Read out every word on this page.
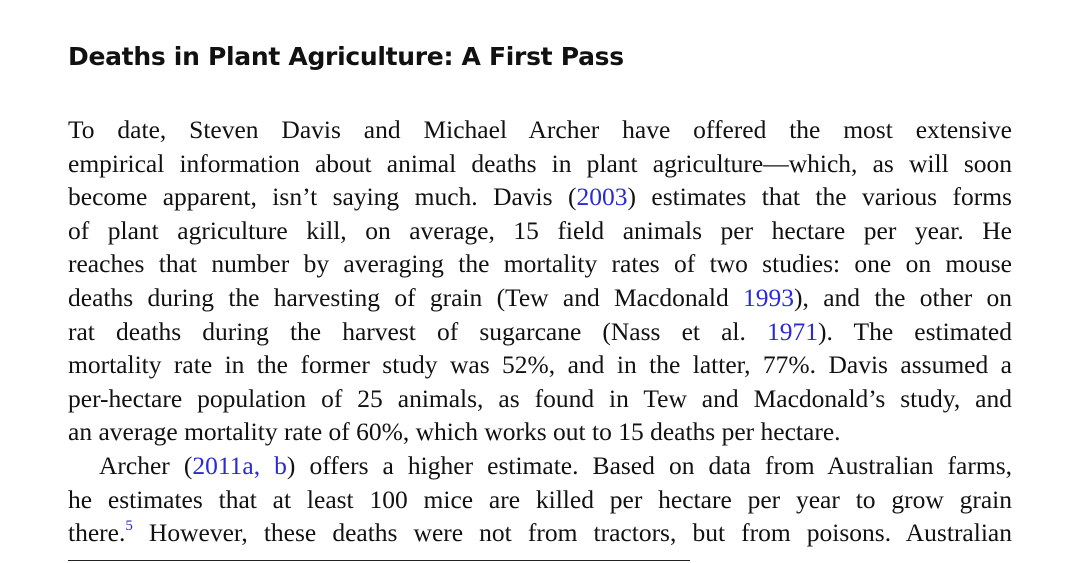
Deaths in Plant Agriculture: A First Pass
To date, Steven Davis and Michael Archer have offered the most extensive
empirical information about animal deaths in plant agriculture—which, as will soon
become apparent, isn’t saying much. Davis (2003) estimates that the various forms
of plant agriculture kill, on average, 15 field animals per hectare per year. He
reaches that number by averaging the mortality rates of two studies: one on mouse
deaths during the harvesting of grain (Tew and Macdonald 1993), and the other on
rat deaths during the harvest of sugarcane (Nass et al. 1971). The estimated
mortality rate in the former study was 52%, and in the latter, 77%. Davis assumed a
per-hectare population of 25 animals, as found in Tew and Macdonald’s study, and
an average mortality rate of 60%, which works out to 15 deaths per hectare.
Archer (2011a, b) offers a higher estimate. Based on data from Australian farms,
he estimates that at least 100 mice are killed per hectare per year to grow grain
there.$^5$ However, these deaths were not from tractors, but from poisons. Australian
